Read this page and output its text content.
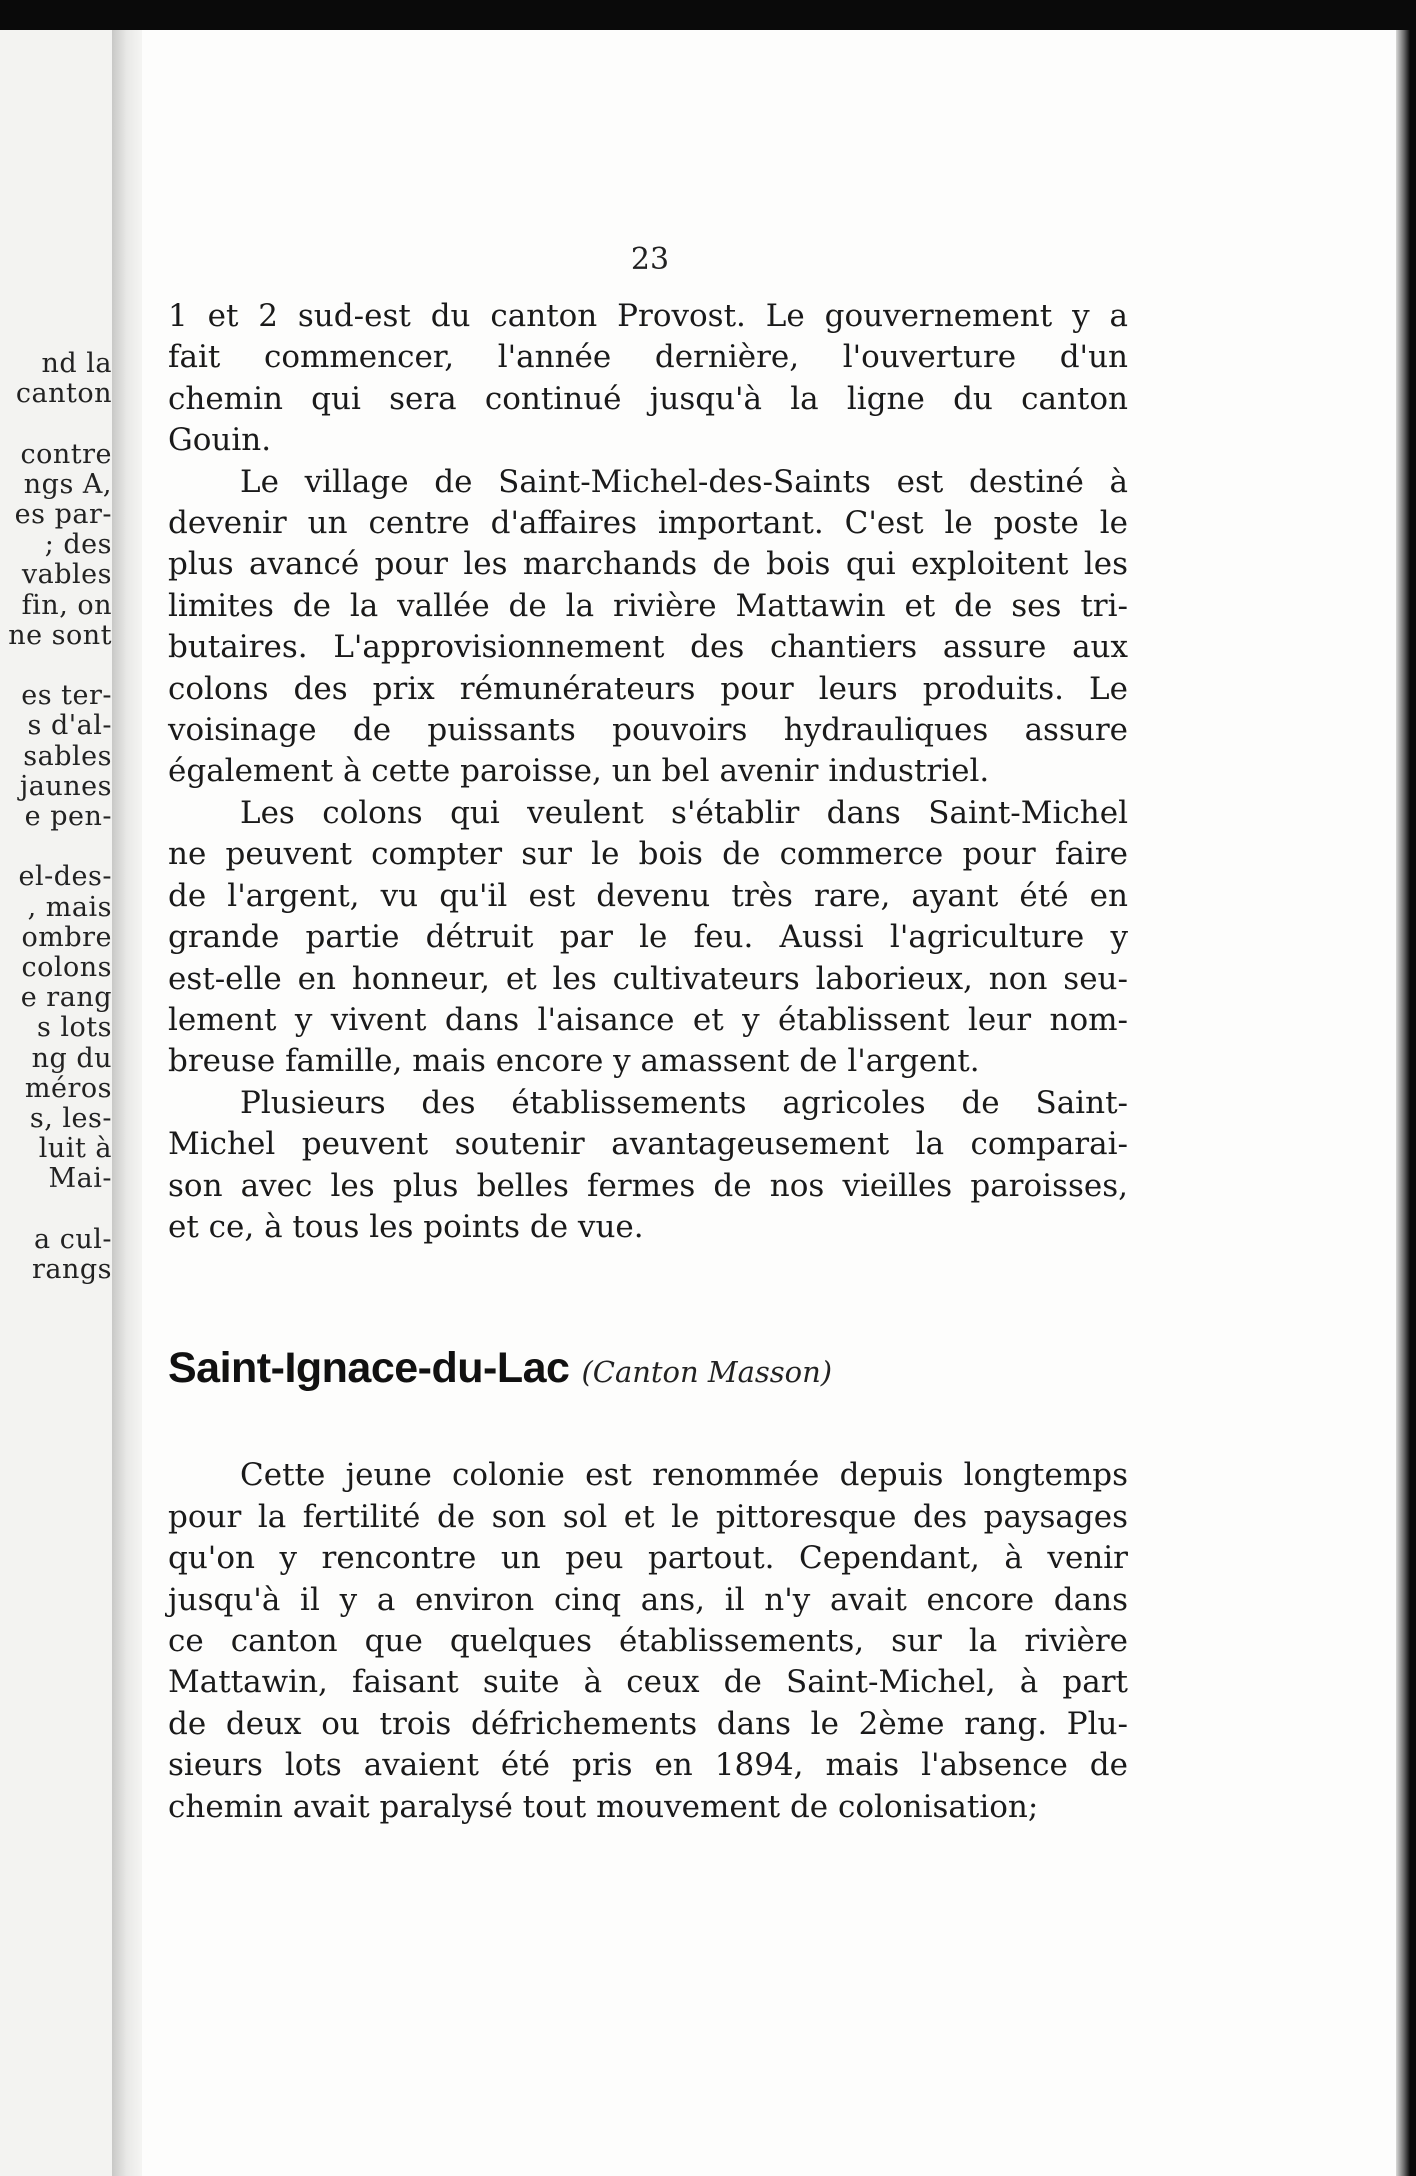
nd la
canton
contre
ngs A,
es par-
; des
vables
fin, on
ne sont
es ter-
s d'al-
sables
jaunes
e pen-
el-des-
, mais
ombre
colons
e rang
s lots
ng du
méros
s, les-
luit à
Mai-
a cul-
rangs
23
1 et 2 sud-est du canton Provost. Le gouvernement y a
fait commencer, l'année dernière, l'ouverture d'un
chemin qui sera continué jusqu'à la ligne du canton
Gouin.
Le village de Saint-Michel-des-Saints est destiné à
devenir un centre d'affaires important. C'est le poste le
plus avancé pour les marchands de bois qui exploitent les
limites de la vallée de la rivière Mattawin et de ses tri-
butaires. L'approvisionnement des chantiers assure aux
colons des prix rémunérateurs pour leurs produits. Le
voisinage de puissants pouvoirs hydrauliques assure
également à cette paroisse, un bel avenir industriel.
Les colons qui veulent s'établir dans Saint-Michel
ne peuvent compter sur le bois de commerce pour faire
de l'argent, vu qu'il est devenu très rare, ayant été en
grande partie détruit par le feu. Aussi l'agriculture y
est-elle en honneur, et les cultivateurs laborieux, non seu-
lement y vivent dans l'aisance et y établissent leur nom-
breuse famille, mais encore y amassent de l'argent.
Plusieurs des établissements agricoles de Saint-
Michel peuvent soutenir avantageusement la comparai-
son avec les plus belles fermes de nos vieilles paroisses,
et ce, à tous les points de vue.
Saint-Ignace-du-Lac (Canton Masson)
Cette jeune colonie est renommée depuis longtemps
pour la fertilité de son sol et le pittoresque des paysages
qu'on y rencontre un peu partout. Cependant, à venir
jusqu'à il y a environ cinq ans, il n'y avait encore dans
ce canton que quelques établissements, sur la rivière
Mattawin, faisant suite à ceux de Saint-Michel, à part
de deux ou trois défrichements dans le 2ème rang. Plu-
sieurs lots avaient été pris en 1894, mais l'absence de
chemin avait paralysé tout mouvement de colonisation;
